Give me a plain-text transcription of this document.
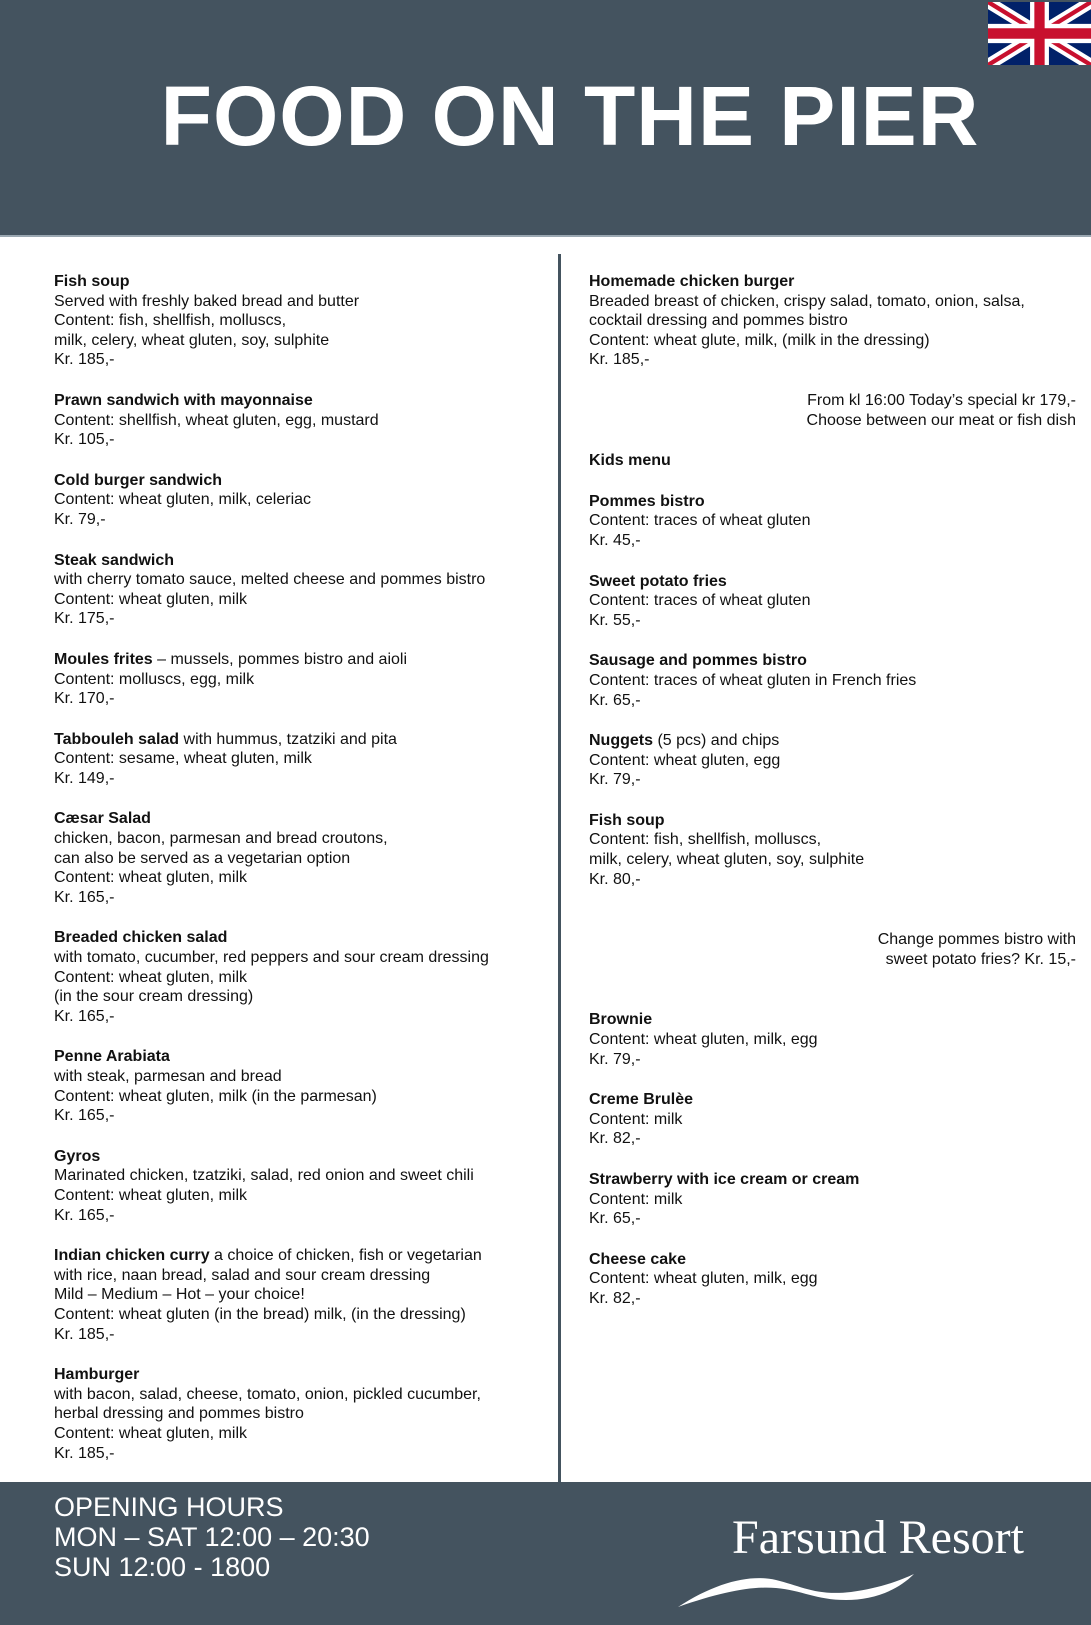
FOOD ON THE PIER
Fish soup
Served with freshly baked bread and butter
Content: fish, shellfish, molluscs,
milk, celery, wheat gluten, soy, sulphite
Kr. 185,-
Prawn sandwich with mayonnaise
Content: shellfish, wheat gluten, egg, mustard
Kr. 105,-
Cold burger sandwich
Content: wheat gluten, milk, celeriac
Kr. 79,-
Steak sandwich
with cherry tomato sauce, melted cheese and pommes bistro
Content: wheat gluten, milk
Kr. 175,-
Moules frites – mussels, pommes bistro and aioli
Content: molluscs, egg, milk
Kr. 170,-
Tabbouleh salad with hummus, tzatziki and pita
Content: sesame, wheat gluten, milk
Kr. 149,-
Cæsar Salad
chicken, bacon, parmesan and bread croutons,
can also be served as a vegetarian option
Content: wheat gluten, milk
Kr. 165,-
Breaded chicken salad
with tomato, cucumber, red peppers and sour cream dressing
Content: wheat gluten, milk
(in the sour cream dressing)
Kr. 165,-
Penne Arabiata
with steak, parmesan and bread
Content: wheat gluten, milk (in the parmesan)
Kr. 165,-
Gyros
Marinated chicken, tzatziki, salad, red onion and sweet chili
Content: wheat gluten, milk
Kr. 165,-
Indian chicken curry a choice of chicken, fish or vegetarian
with rice, naan bread, salad and sour cream dressing
Mild – Medium – Hot – your choice!
Content: wheat gluten (in the bread) milk, (in the dressing)
Kr. 185,-
Hamburger
with bacon, salad, cheese, tomato, onion, pickled cucumber,
herbal dressing and pommes bistro
Content: wheat gluten, milk
Kr. 185,-
Homemade chicken burger
Breaded breast of chicken, crispy salad, tomato, onion, salsa,
cocktail dressing and pommes bistro
Content: wheat glute, milk, (milk in the dressing)
Kr. 185,-
From kl 16:00 Today’s special kr 179,-
Choose between our meat or fish dish
Kids menu
Pommes bistro
Content: traces of wheat gluten
Kr. 45,-
Sweet potato fries
Content: traces of wheat gluten
Kr. 55,-
Sausage and pommes bistro
Content: traces of wheat gluten in French fries
Kr. 65,-
Nuggets (5 pcs) and chips
Content: wheat gluten, egg
Kr. 79,-
Fish soup
Content: fish, shellfish, molluscs,
milk, celery, wheat gluten, soy, sulphite
Kr. 80,-
Change pommes bistro with
sweet potato fries? Kr. 15,-
Brownie
Content: wheat gluten, milk, egg
Kr. 79,-
Creme Brulèe
Content: milk
Kr. 82,-
Strawberry with ice cream or cream
Content: milk
Kr. 65,-
Cheese cake
Content: wheat gluten, milk, egg
Kr. 82,-
OPENING HOURS
MON – SAT 12:00 – 20:30
SUN 12:00 - 1800
Farsund Resort
